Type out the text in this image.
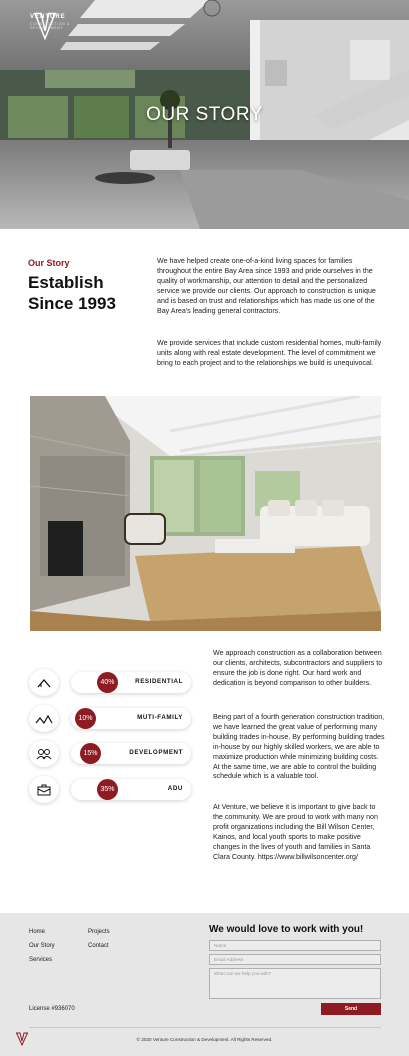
VENTURE
CONSTRUCTION & DEVELOPMENT
OUR STORY
Our Story
Establish
Since 1993
We have helped create one-of-a-kind living spaces for families throughout the entire Bay Area since 1993 and pride ourselves in the quality of workmanship, our attention to detail and the personalized service we provide our clients. Our approach to construction is unique and is based on trust and relationships which has made us one of the Bay Area's leading general contractors.
We provide services that include custom residential homes, multi-family units along with real estate development. The level of commitment we bring to each project and to the relationships we build is unequivocal.
40%	RESIDENTIAL
10%	MUTI-FAMILY
15%	DEVELOPMENT
35%	ADU
We approach construction as a collaboration between our clients, architects, subcontractors and suppliers to ensure the job is done right. Our hard work and dedication is beyond comparison to other builders.
Being part of a fourth generation construction tradition, we have learned the great value of performing many building trades in-house. By performing building trades in-house by our highly skilled workers, we are able to maximize production while minimizing building costs. At the same time, we are able to control the building schedule which is a valuable tool.
At Venture, we believe it is important to give back to the community. We are proud to work with many non profit organizations including the Bill Wilson Center, Kainos, and local youth sports to make positive changes in the lives of youth and families in Santa Clara County. https://www.billwilsoncenter.org/
Home	Projects
Our Story	Contact
Services
License #936070
We would love to work with you!
Name
Email Address
What can we help you with?
Send
© 2020 Venture Construction & Development. All Rights Reserved.
